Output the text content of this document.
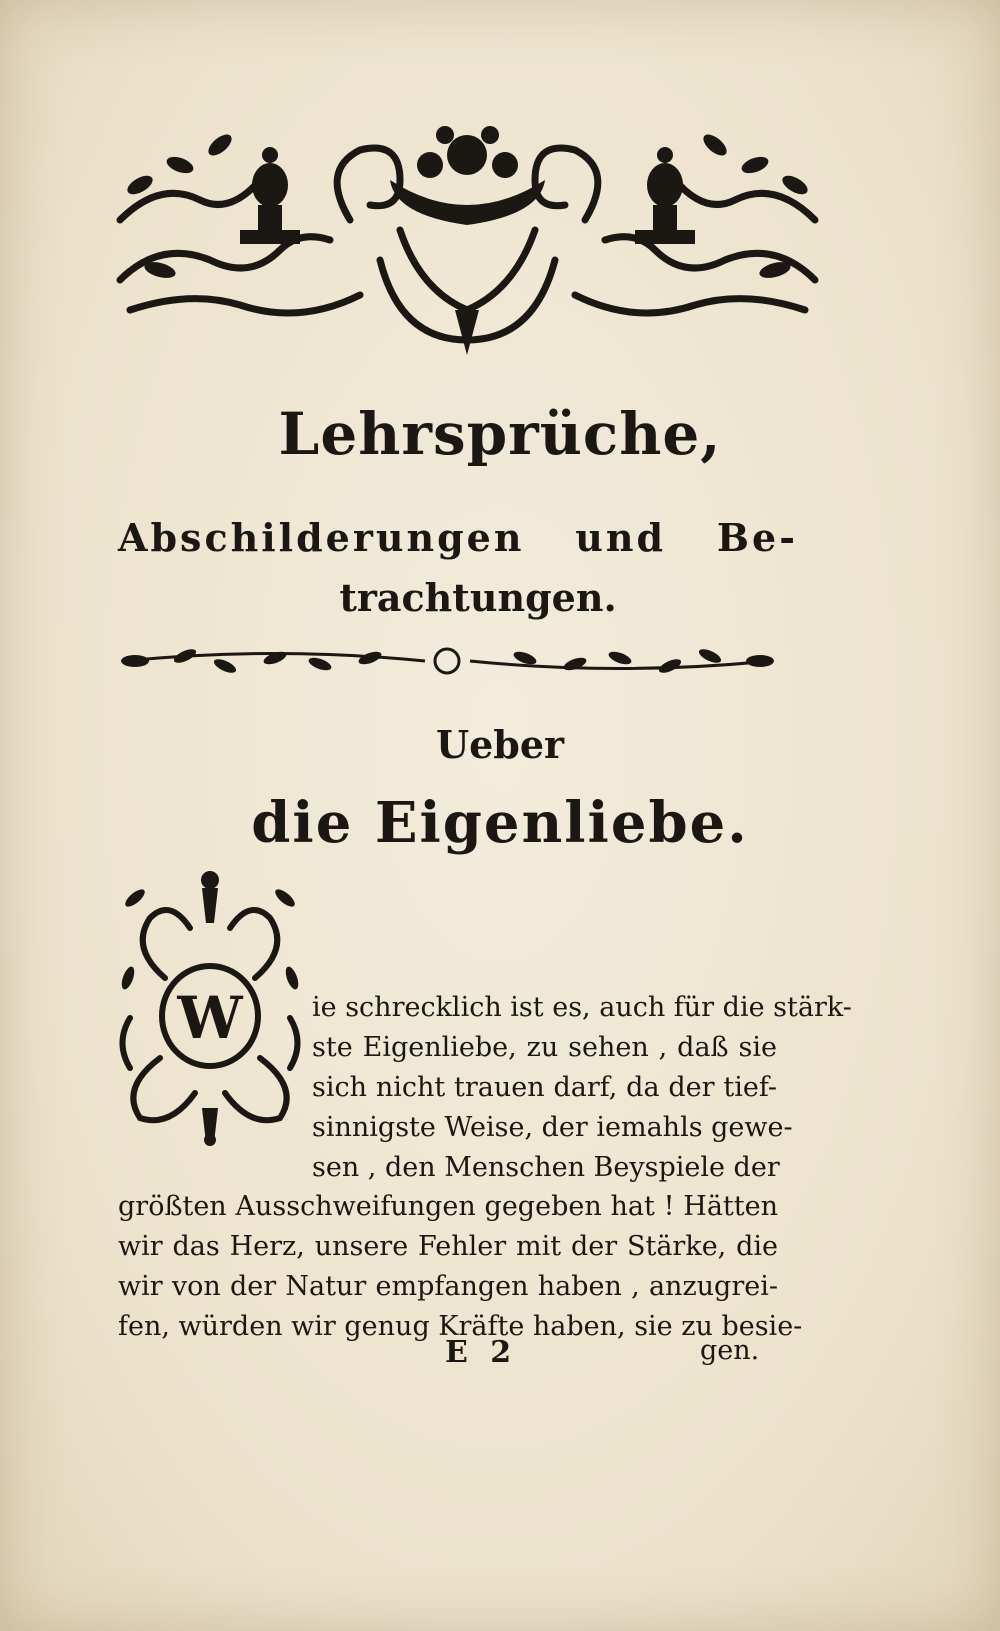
Lehrsprüche,
Abschilderungen und Be-
trachtungen.
Ueber
die Eigenliebe.
W	ie schrecklich ist es, auch für die stärk-
ste Eigenliebe, zu sehen , daß sie
sich nicht trauen darf, da der tief-
sinnigste Weise, der iemahls gewe-
sen , den Menschen Beyspiele der
größten Ausschweifungen gegeben hat ! Hätten
wir das Herz, unsere Fehler mit der Stärke, die
wir von der Natur empfangen haben , anzugrei-
fen, würden wir genug Kräfte haben, sie zu besie-
E 2	gen.
